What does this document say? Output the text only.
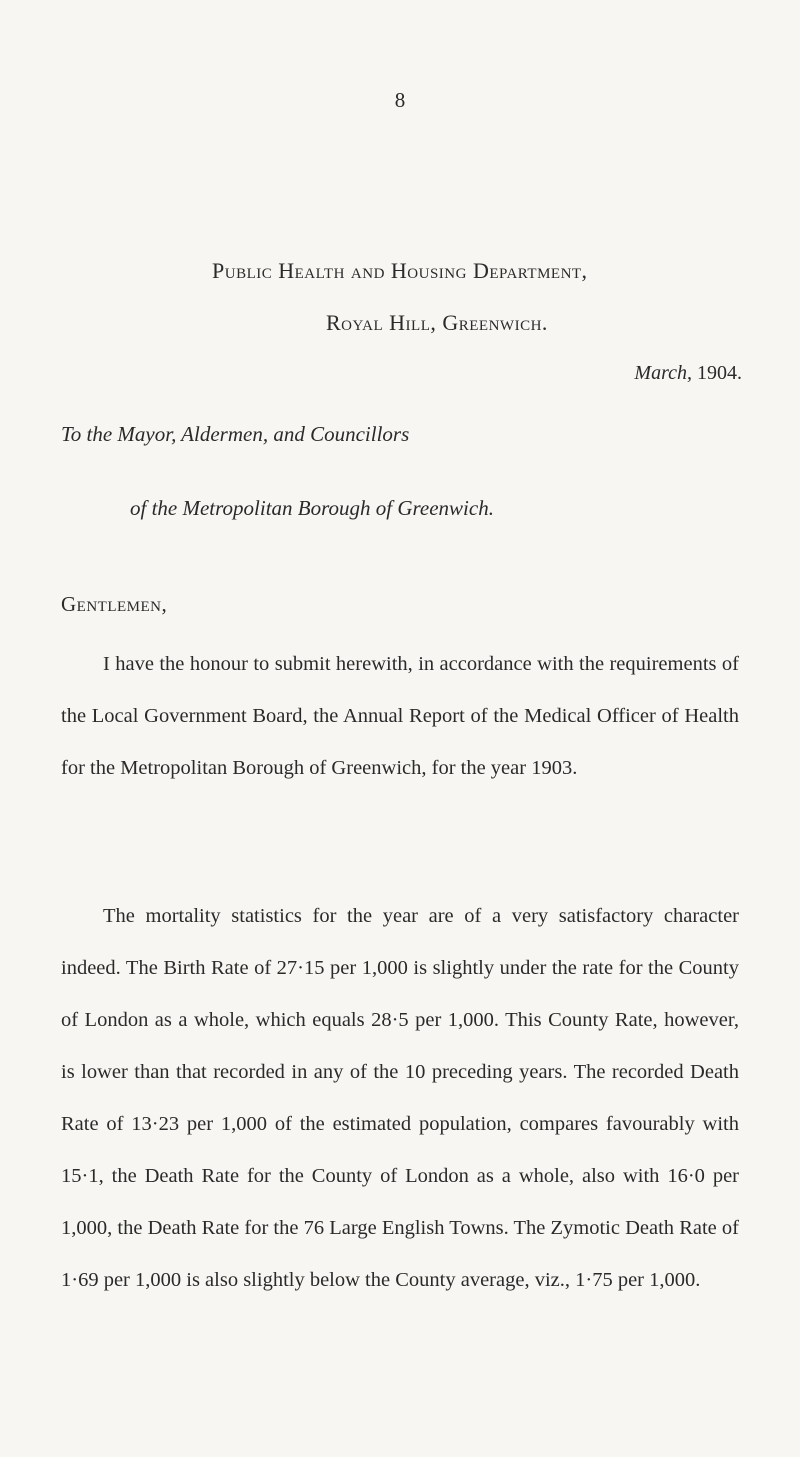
8
Public Health and Housing Department,
Royal Hill, Greenwich.
March, 1904.
To the Mayor, Aldermen, and Councillors
of the Metropolitan Borough of Greenwich.
Gentlemen,

I have the honour to submit herewith, in accordance with the requirements of the Local Government Board, the Annual Report of the Medical Officer of Health for the Metropolitan Borough of Greenwich, for the year 1903.

The mortality statistics for the year are of a very satisfactory character indeed. The Birth Rate of 27·15 per 1,000 is slightly under the rate for the County of London as a whole, which equals 28·5 per 1,000. This County Rate, however, is lower than that recorded in any of the 10 preceding years. The recorded Death Rate of 13·23 per 1,000 of the estimated population, compares favourably with 15·1, the Death Rate for the County of London as a whole, also with 16·0 per 1,000, the Death Rate for the 76 Large English Towns. The Zymotic Death Rate of 1·69 per 1,000 is also slightly below the County average, viz., 1·75 per 1,000.
